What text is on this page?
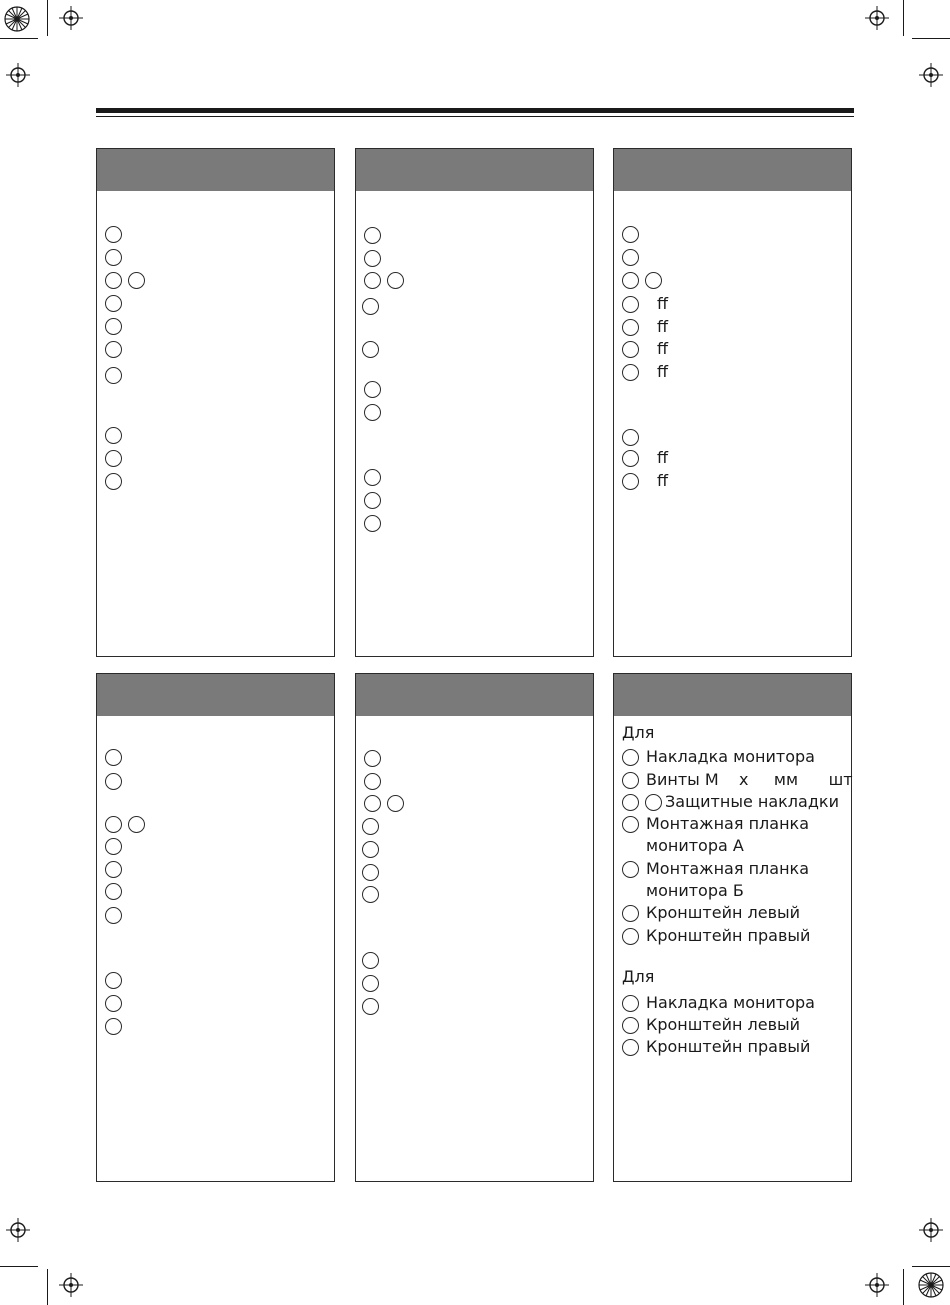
ff
ff
ff
ff
ff
ff
Для
Накладка монитора
Винты М    х     мм      шт
Защитные накладки
Монтажная планка
монитора А
Монтажная планка
монитора Б
Кронштейн левый
Кронштейн правый
Для
Накладка монитора
Кронштейн левый
Кронштейн правый
